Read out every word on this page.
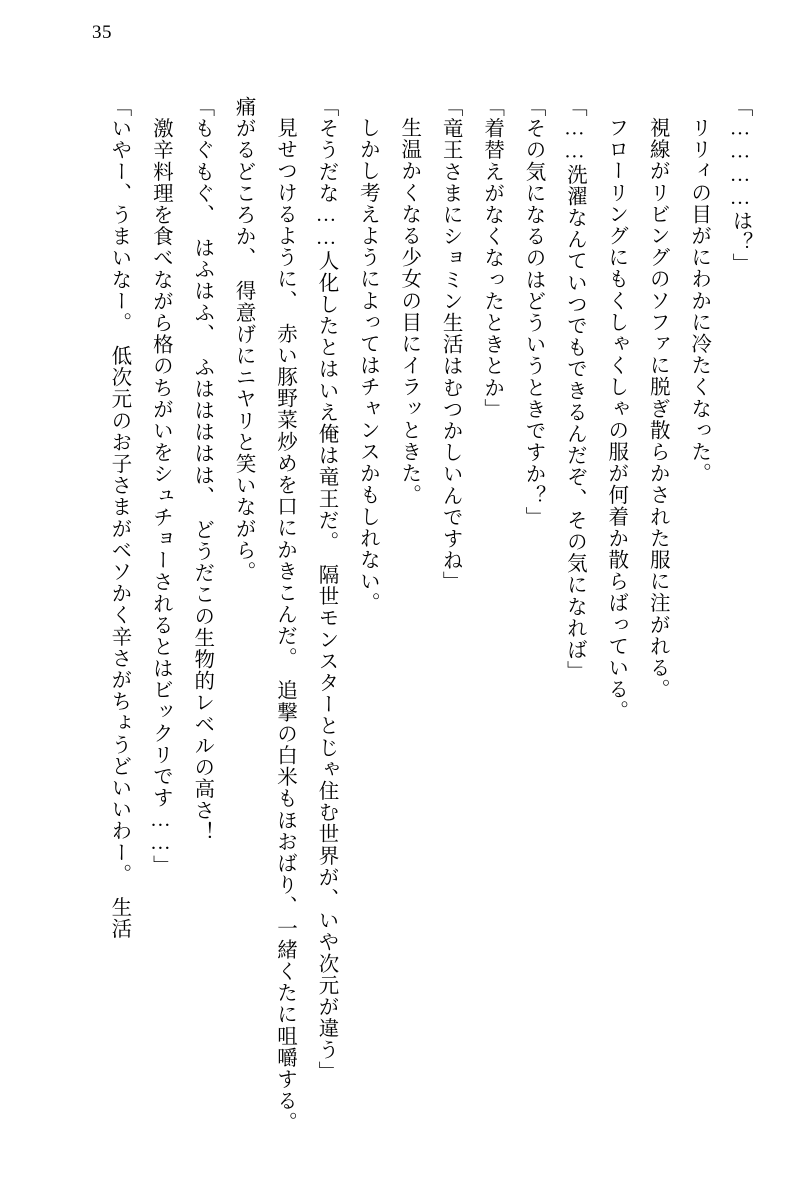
35

「…………は？」

リリィの目がにわかに冷たくなった。

視線がリビングのソファに脱ぎ散らかされた服に注がれる。

フローリングにもくしゃくしゃの服が何着か散らばっている。

「……洗濯なんていつでもできるんだぞ、その気になれば」

「その気になるのはどういうときですか？」

「着替えがなくなったときとか」

「竜王さまにショミン生活はむつかしいんですね」

生温かくなる少女の目にイラッときた。

しかし考えようによってはチャンスかもしれない。

「そうだな……人化したとはいえ俺は竜王だ。　隔世モンスターとじゃ住む世界が、いや次元が違う」

見せつけるように、　赤い豚野菜炒めを口にかきこんだ。　追撃の白米もほおばり、一緒くたに咀嚼する。　痛がるどころか、　得意げにニヤリと笑いながら。

「もぐもぐ、　はふはふ、　ふははははは、　どうだこの生物的レベルの高さ！

　激辛料理を食べながら格のちがいをシュチョーされるとはビックリです……」

「いやー、うまいなー。　低次元のお子さまがベソかく辛さがちょうどいいわー。　生活
